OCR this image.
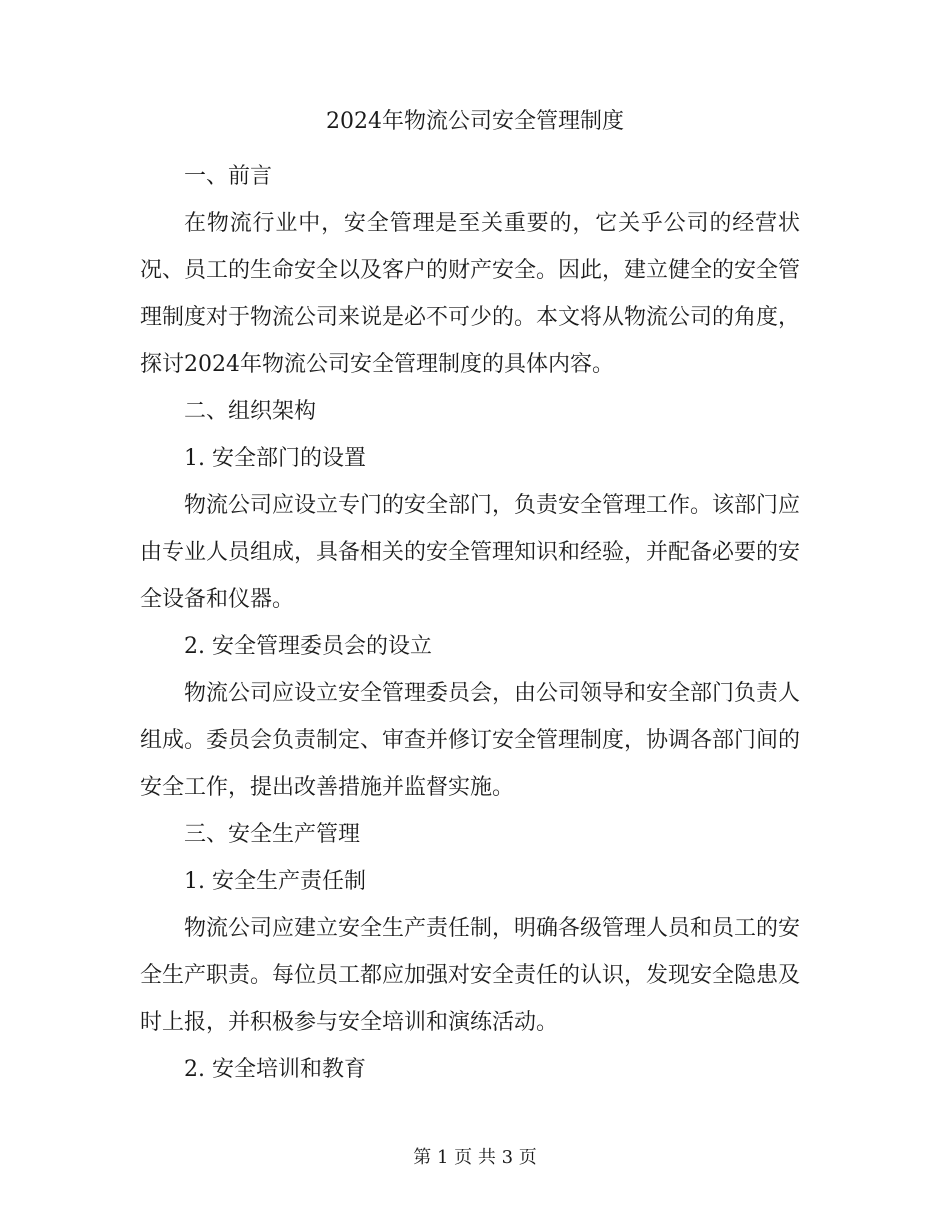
2024年物流公司安全管理制度

一、前言

在物流行业中，安全管理是至关重要的，它关乎公司的经营状况、员工的生命安全以及客户的财产安全。因此，建立健全的安全管理制度对于物流公司来说是必不可少的。本文将从物流公司的角度，探讨2024年物流公司安全管理制度的具体内容。

二、组织架构

1. 安全部门的设置

物流公司应设立专门的安全部门，负责安全管理工作。该部门应由专业人员组成，具备相关的安全管理知识和经验，并配备必要的安全设备和仪器。

2. 安全管理委员会的设立

物流公司应设立安全管理委员会，由公司领导和安全部门负责人组成。委员会负责制定、审查并修订安全管理制度，协调各部门间的安全工作，提出改善措施并监督实施。

三、安全生产管理

1. 安全生产责任制

物流公司应建立安全生产责任制，明确各级管理人员和员工的安全生产职责。每位员工都应加强对安全责任的认识，发现安全隐患及时上报，并积极参与安全培训和演练活动。

2. 安全培训和教育

第 1 页 共 3 页
